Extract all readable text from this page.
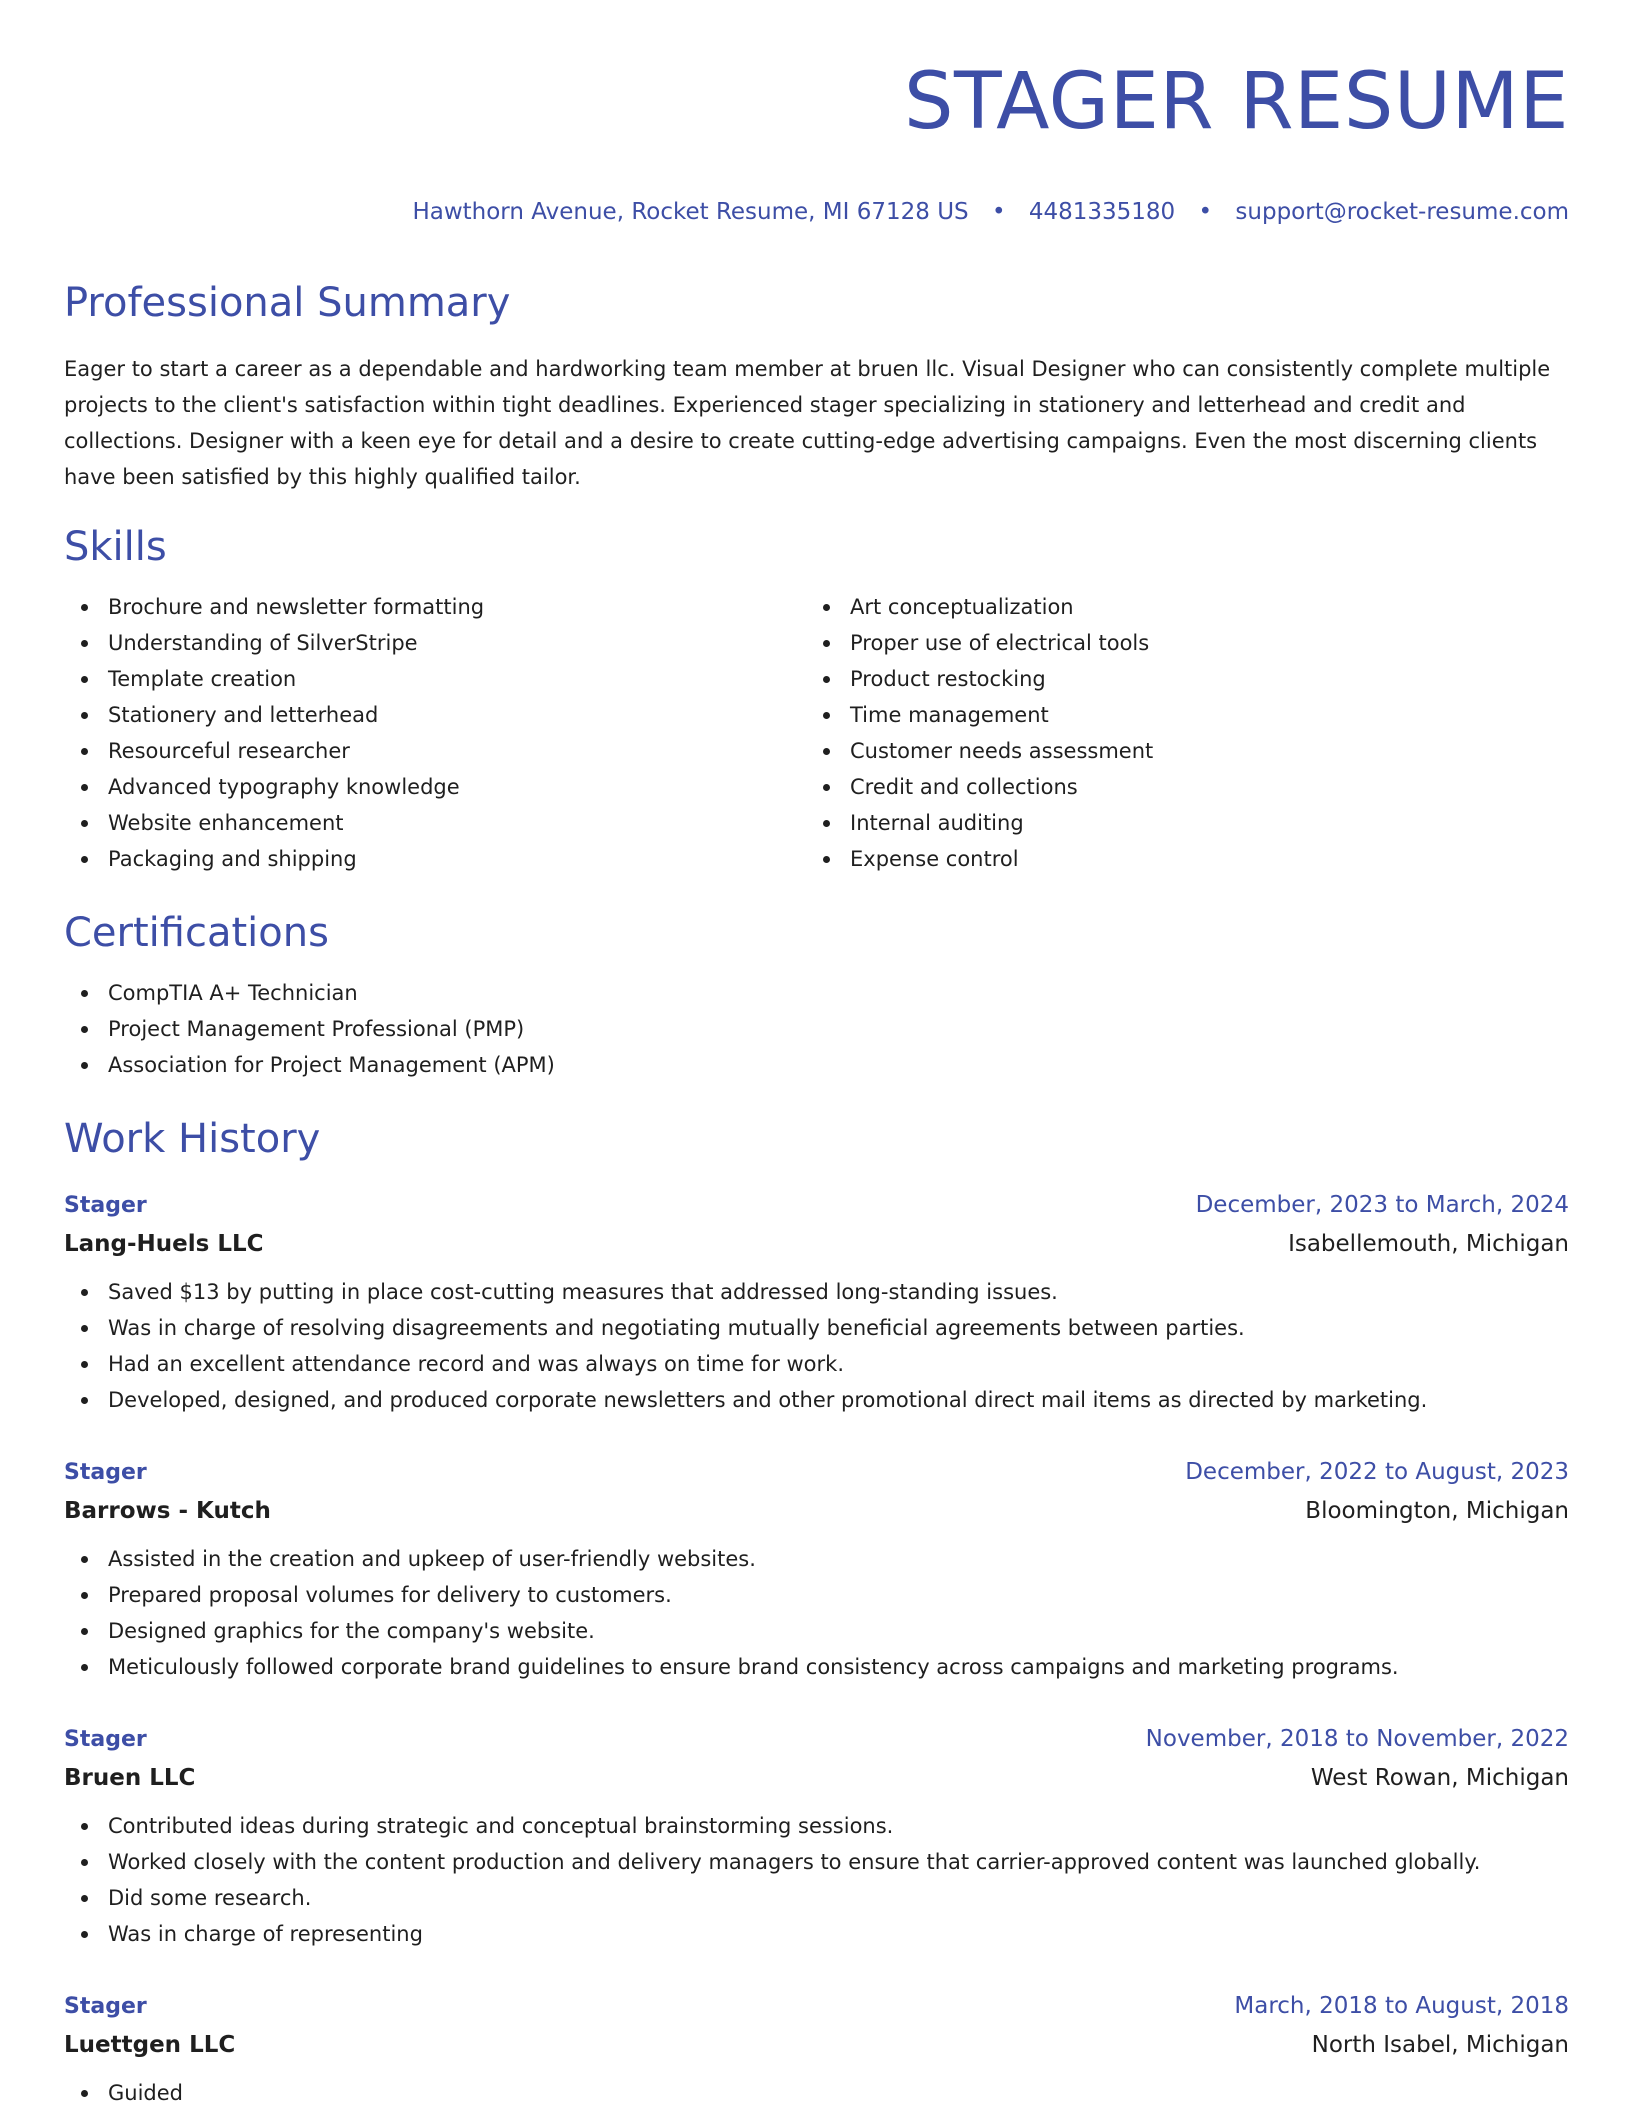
STAGER RESUME
Hawthorn Avenue, Rocket Resume, MI 67128 US • 4481335180 • support@rocket-resume.com
Professional Summary
Eager to start a career as a dependable and hardworking team member at bruen llc. Visual Designer who can consistently complete multiple projects to the client's satisfaction within tight deadlines. Experienced stager specializing in stationery and letterhead and credit and collections. Designer with a keen eye for detail and a desire to create cutting-edge advertising campaigns. Even the most discerning clients have been satisfied by this highly qualified tailor.
Skills
Brochure and newsletter formatting
Understanding of SilverStripe
Template creation
Stationery and letterhead
Resourceful researcher
Advanced typography knowledge
Website enhancement
Packaging and shipping
Art conceptualization
Proper use of electrical tools
Product restocking
Time management
Customer needs assessment
Credit and collections
Internal auditing
Expense control
Certifications
CompTIA A+ Technician
Project Management Professional (PMP)
Association for Project Management (APM)
Work History
Stager	December, 2023 to March, 2024
Lang-Huels LLC	Isabellemouth, Michigan
Saved $13 by putting in place cost-cutting measures that addressed long-standing issues.
Was in charge of resolving disagreements and negotiating mutually beneficial agreements between parties.
Had an excellent attendance record and was always on time for work.
Developed, designed, and produced corporate newsletters and other promotional direct mail items as directed by marketing.
Stager	December, 2022 to August, 2023
Barrows - Kutch	Bloomington, Michigan
Assisted in the creation and upkeep of user-friendly websites.
Prepared proposal volumes for delivery to customers.
Designed graphics for the company's website.
Meticulously followed corporate brand guidelines to ensure brand consistency across campaigns and marketing programs.
Stager	November, 2018 to November, 2022
Bruen LLC	West Rowan, Michigan
Contributed ideas during strategic and conceptual brainstorming sessions.
Worked closely with the content production and delivery managers to ensure that carrier-approved content was launched globally.
Did some research.
Was in charge of representing
Stager	March, 2018 to August, 2018
Luettgen LLC	North Isabel, Michigan
Guided
